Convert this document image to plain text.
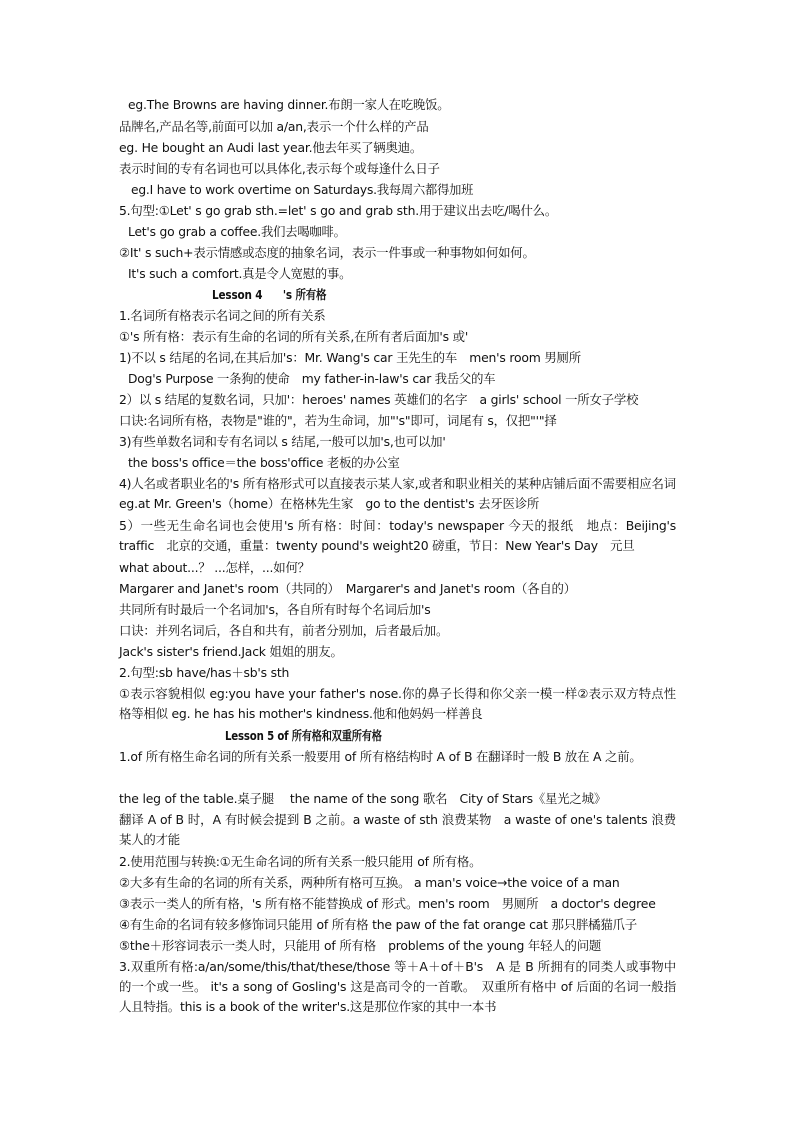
eg.The Browns are having dinner.布朗一家人在吃晚饭。
品牌名,产品名等,前面可以加 a/an,表示一个什么样的产品
eg. He bought an Audi last year.他去年买了辆奥迪。
表示时间的专有名词也可以具体化,表示每个或每逢什么日子
eg.I have to work overtime on Saturdays.我每周六都得加班
5.句型:①Let' s go grab sth.=let' s go and grab sth.用于建议出去吃/喝什么。
Let's go grab a coffee.我们去喝咖啡。
②It' s such+表示情感或态度的抽象名词，表示一件事或一种事物如何如何。
It's such a comfort.真是令人宽慰的事。
Lesson 4　　's 所有格
1.名词所有格表示名词之间的所有关系
①'s 所有格：表示有生命的名词的所有关系,在所有者后面加's 或'
1)不以 s 结尾的名词,在其后加's：Mr. Wang's car 王先生的车　men's room 男厕所
Dog's Purpose 一条狗的使命　my father-in-law's car 我岳父的车
2）以 s 结尾的复数名词，只加'：heroes' names 英雄们的名字　a girls' school 一所女子学校
口诀:名词所有格，表物是"谁的"，若为生命词，加"'s"即可，词尾有 s，仅把"'"择
3)有些单数名词和专有名词以 s 结尾,一般可以加's,也可以加'
the boss's office＝the boss'office 老板的办公室
4)人名或者职业名的's 所有格形式可以直接表示某人家,或者和职业相关的某种店铺后面不需要相应名词　eg.at Mr. Green's（home）在格林先生家　go to the dentist's 去牙医诊所
5）一些无生命名词也会使用's 所有格：时间：today's newspaper 今天的报纸　地点：Beijing's traffic　北京的交通，重量：twenty pound's weight20 磅重，节日：New Year's Day　元旦
what about...？ ...怎样，...如何？
Margarer and Janet's room（共同的）　Margarer's and Janet's room（各自的）
共同所有时最后一个名词加's，各自所有时每个名词后加's
口诀：并列名词后，各自和共有，前者分别加，后者最后加。
Jack's sister's friend.Jack 姐姐的朋友。
2.句型:sb have/has＋sb's sth
①表示容貌相似 eg:you have your father's nose.你的鼻子长得和你父亲一模一样②表示双方特点性格等相似 eg. he has his mother's kindness.他和他妈妈一样善良
Lesson 5 of 所有格和双重所有格
1.of 所有格生命名词的所有关系一般要用 of 所有格结构时 A of B 在翻译时一般 B 放在 A 之前。
the leg of the table.桌子腿　 the name of the song 歌名　City of Stars《星光之城》
翻译 A of B 时，A 有时候会提到 B 之前。a waste of sth 浪费某物　a waste of one's talents 浪费某人的才能
2.使用范围与转换:①无生命名词的所有关系一般只能用 of 所有格。
②大多有生命的名词的所有关系，两种所有格可互换。 a man's voice→the voice of a man
③表示一类人的所有格，'s 所有格不能替换成 of 形式。men's room　男厕所　a doctor's degree
④有生命的名词有较多修饰词只能用 of 所有格 the paw of the fat orange cat 那只胖橘猫爪子
⑤the＋形容词表示一类人时，只能用 of 所有格　problems of the young 年轻人的问题
3.双重所有格:a/an/some/this/that/these/those 等＋A＋of＋B's　A 是 B 所拥有的同类人或事物中的一个或一些。 it's a song of Gosling's 这是高司令的一首歌。　双重所有格中 of 后面的名词一般指人且特指。this is a book of the writer's.这是那位作家的其中一本书
